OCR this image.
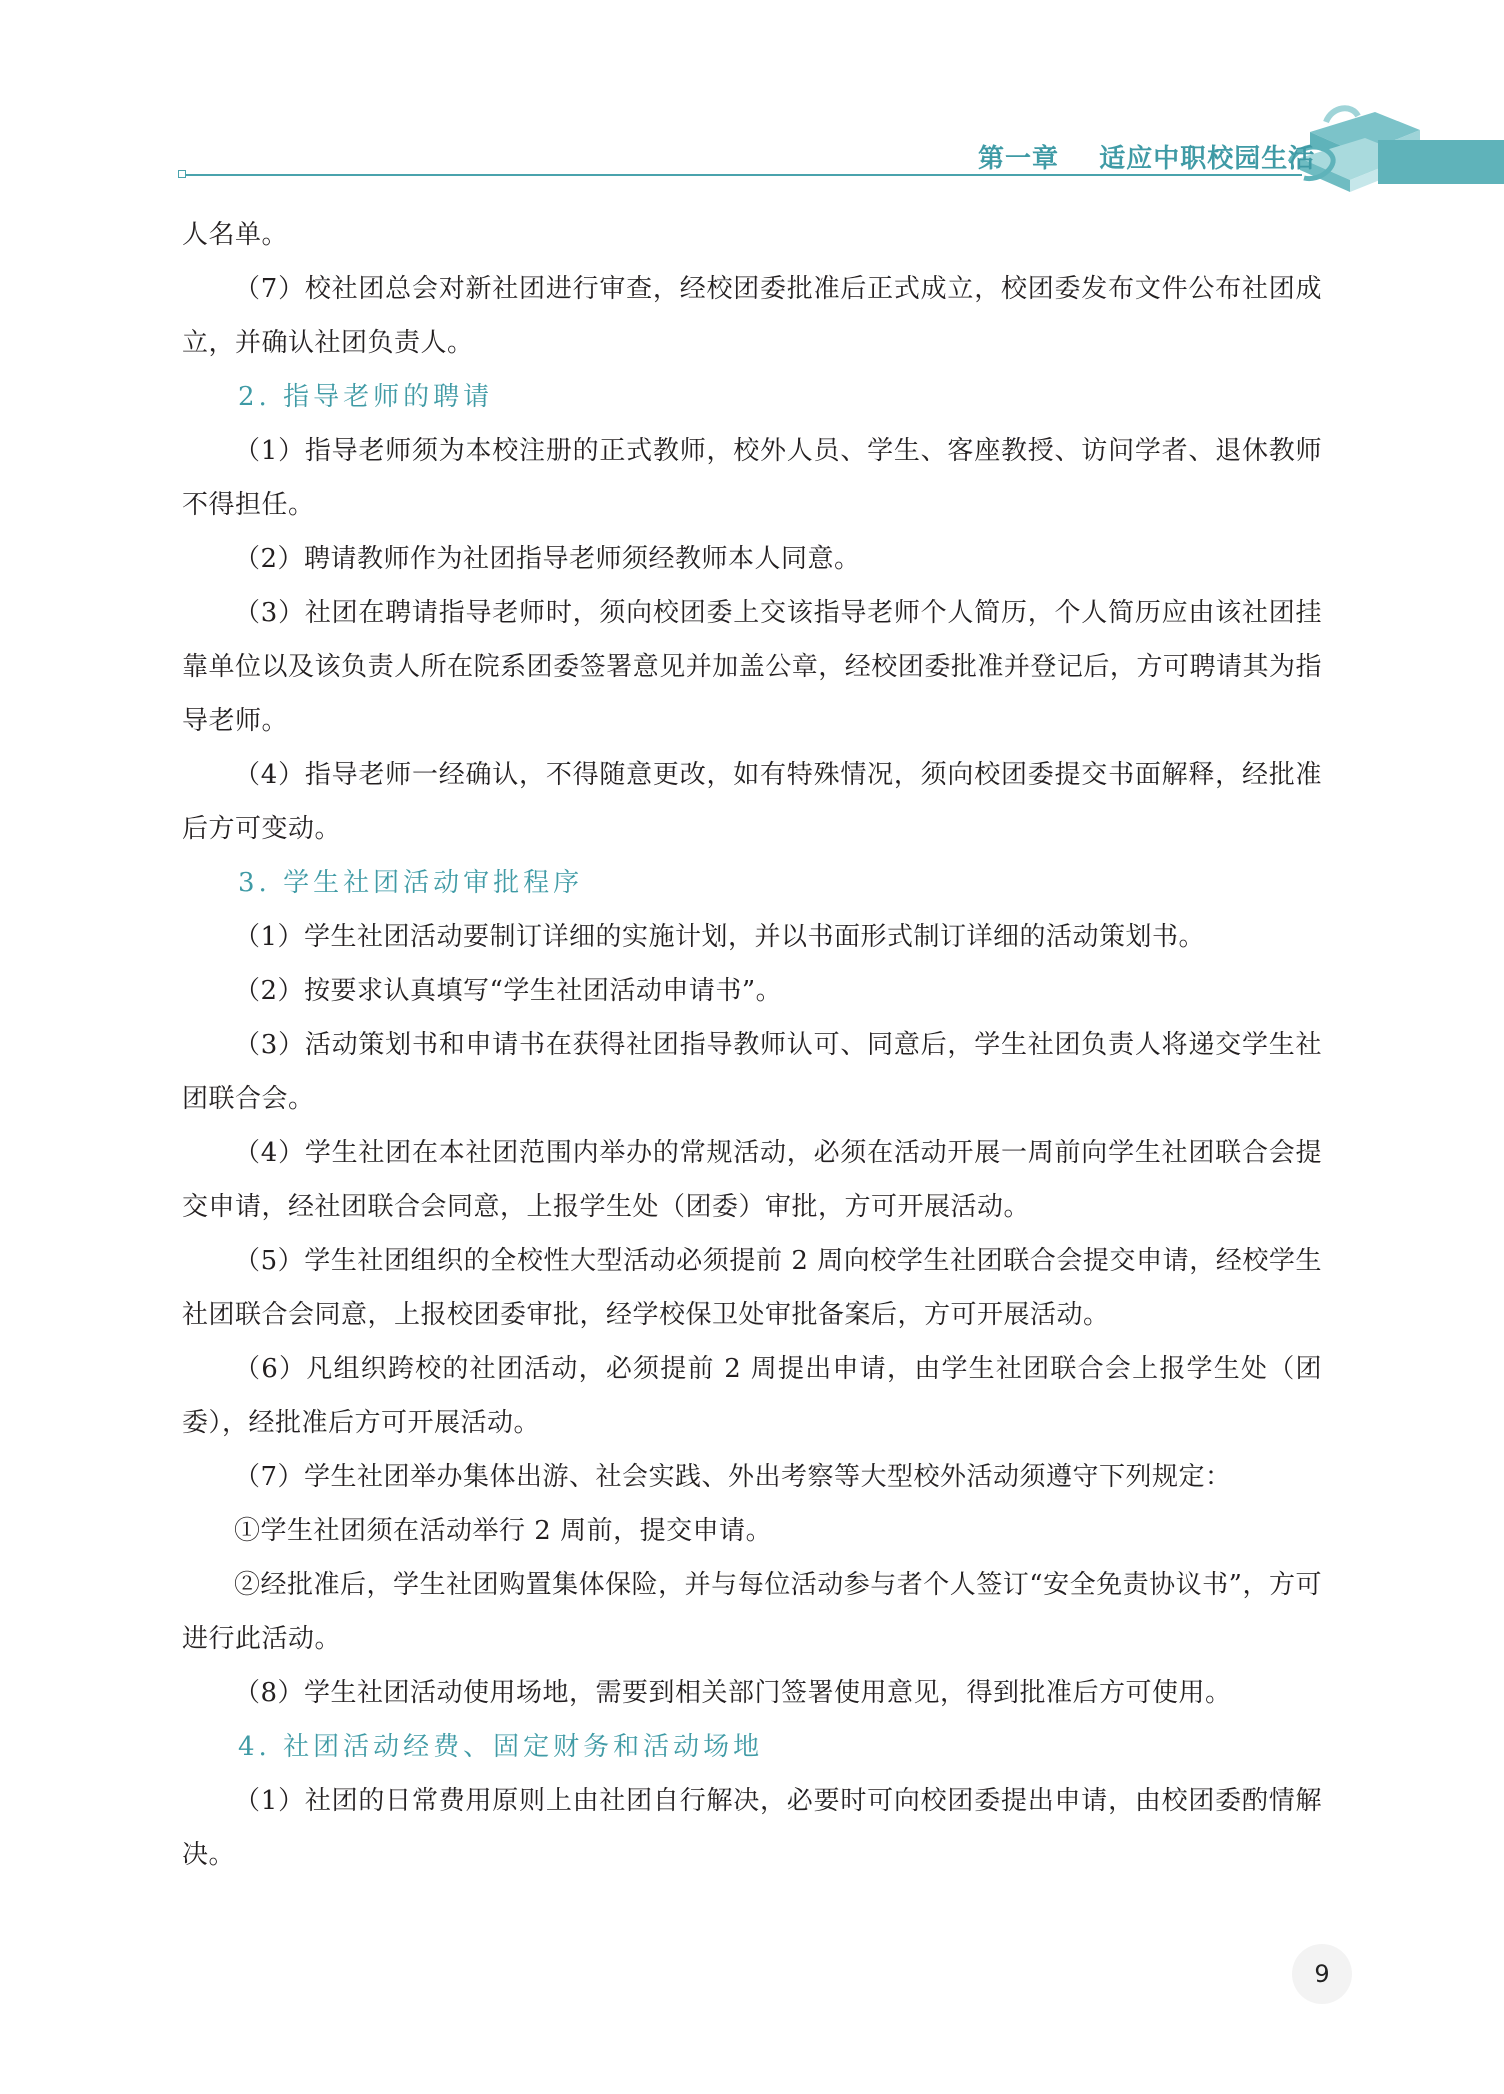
第一章    适应中职校园生活

人名单。

（7）校社团总会对新社团进行审查，经校团委批准后正式成立，校团委发布文件公布社团成立，并确认社团负责人。

2. 指导老师的聘请

（1）指导老师须为本校注册的正式教师，校外人员、学生、客座教授、访问学者、退休教师不得担任。

（2）聘请教师作为社团指导老师须经教师本人同意。

（3）社团在聘请指导老师时，须向校团委上交该指导老师个人简历，个人简历应由该社团挂靠单位以及该负责人所在院系团委签署意见并加盖公章，经校团委批准并登记后，方可聘请其为指导老师。

（4）指导老师一经确认，不得随意更改，如有特殊情况，须向校团委提交书面解释，经批准后方可变动。

3. 学生社团活动审批程序

（1）学生社团活动要制订详细的实施计划，并以书面形式制订详细的活动策划书。

（2）按要求认真填写“学生社团活动申请书”。

（3）活动策划书和申请书在获得社团指导教师认可、同意后，学生社团负责人将递交学生社团联合会。

（4）学生社团在本社团范围内举办的常规活动，必须在活动开展一周前向学生社团联合会提交申请，经社团联合会同意，上报学生处（团委）审批，方可开展活动。

（5）学生社团组织的全校性大型活动必须提前 2 周向校学生社团联合会提交申请，经校学生社团联合会同意，上报校团委审批，经学校保卫处审批备案后，方可开展活动。

（6）凡组织跨校的社团活动，必须提前 2 周提出申请，由学生社团联合会上报学生处（团委），经批准后方可开展活动。

（7）学生社团举办集体出游、社会实践、外出考察等大型校外活动须遵守下列规定：

①学生社团须在活动举行 2 周前，提交申请。

②经批准后，学生社团购置集体保险，并与每位活动参与者个人签订“安全免责协议书”，方可进行此活动。

（8）学生社团活动使用场地，需要到相关部门签署使用意见，得到批准后方可使用。

4. 社团活动经费、固定财务和活动场地

（1）社团的日常费用原则上由社团自行解决，必要时可向校团委提出申请，由校团委酌情解决。

9
